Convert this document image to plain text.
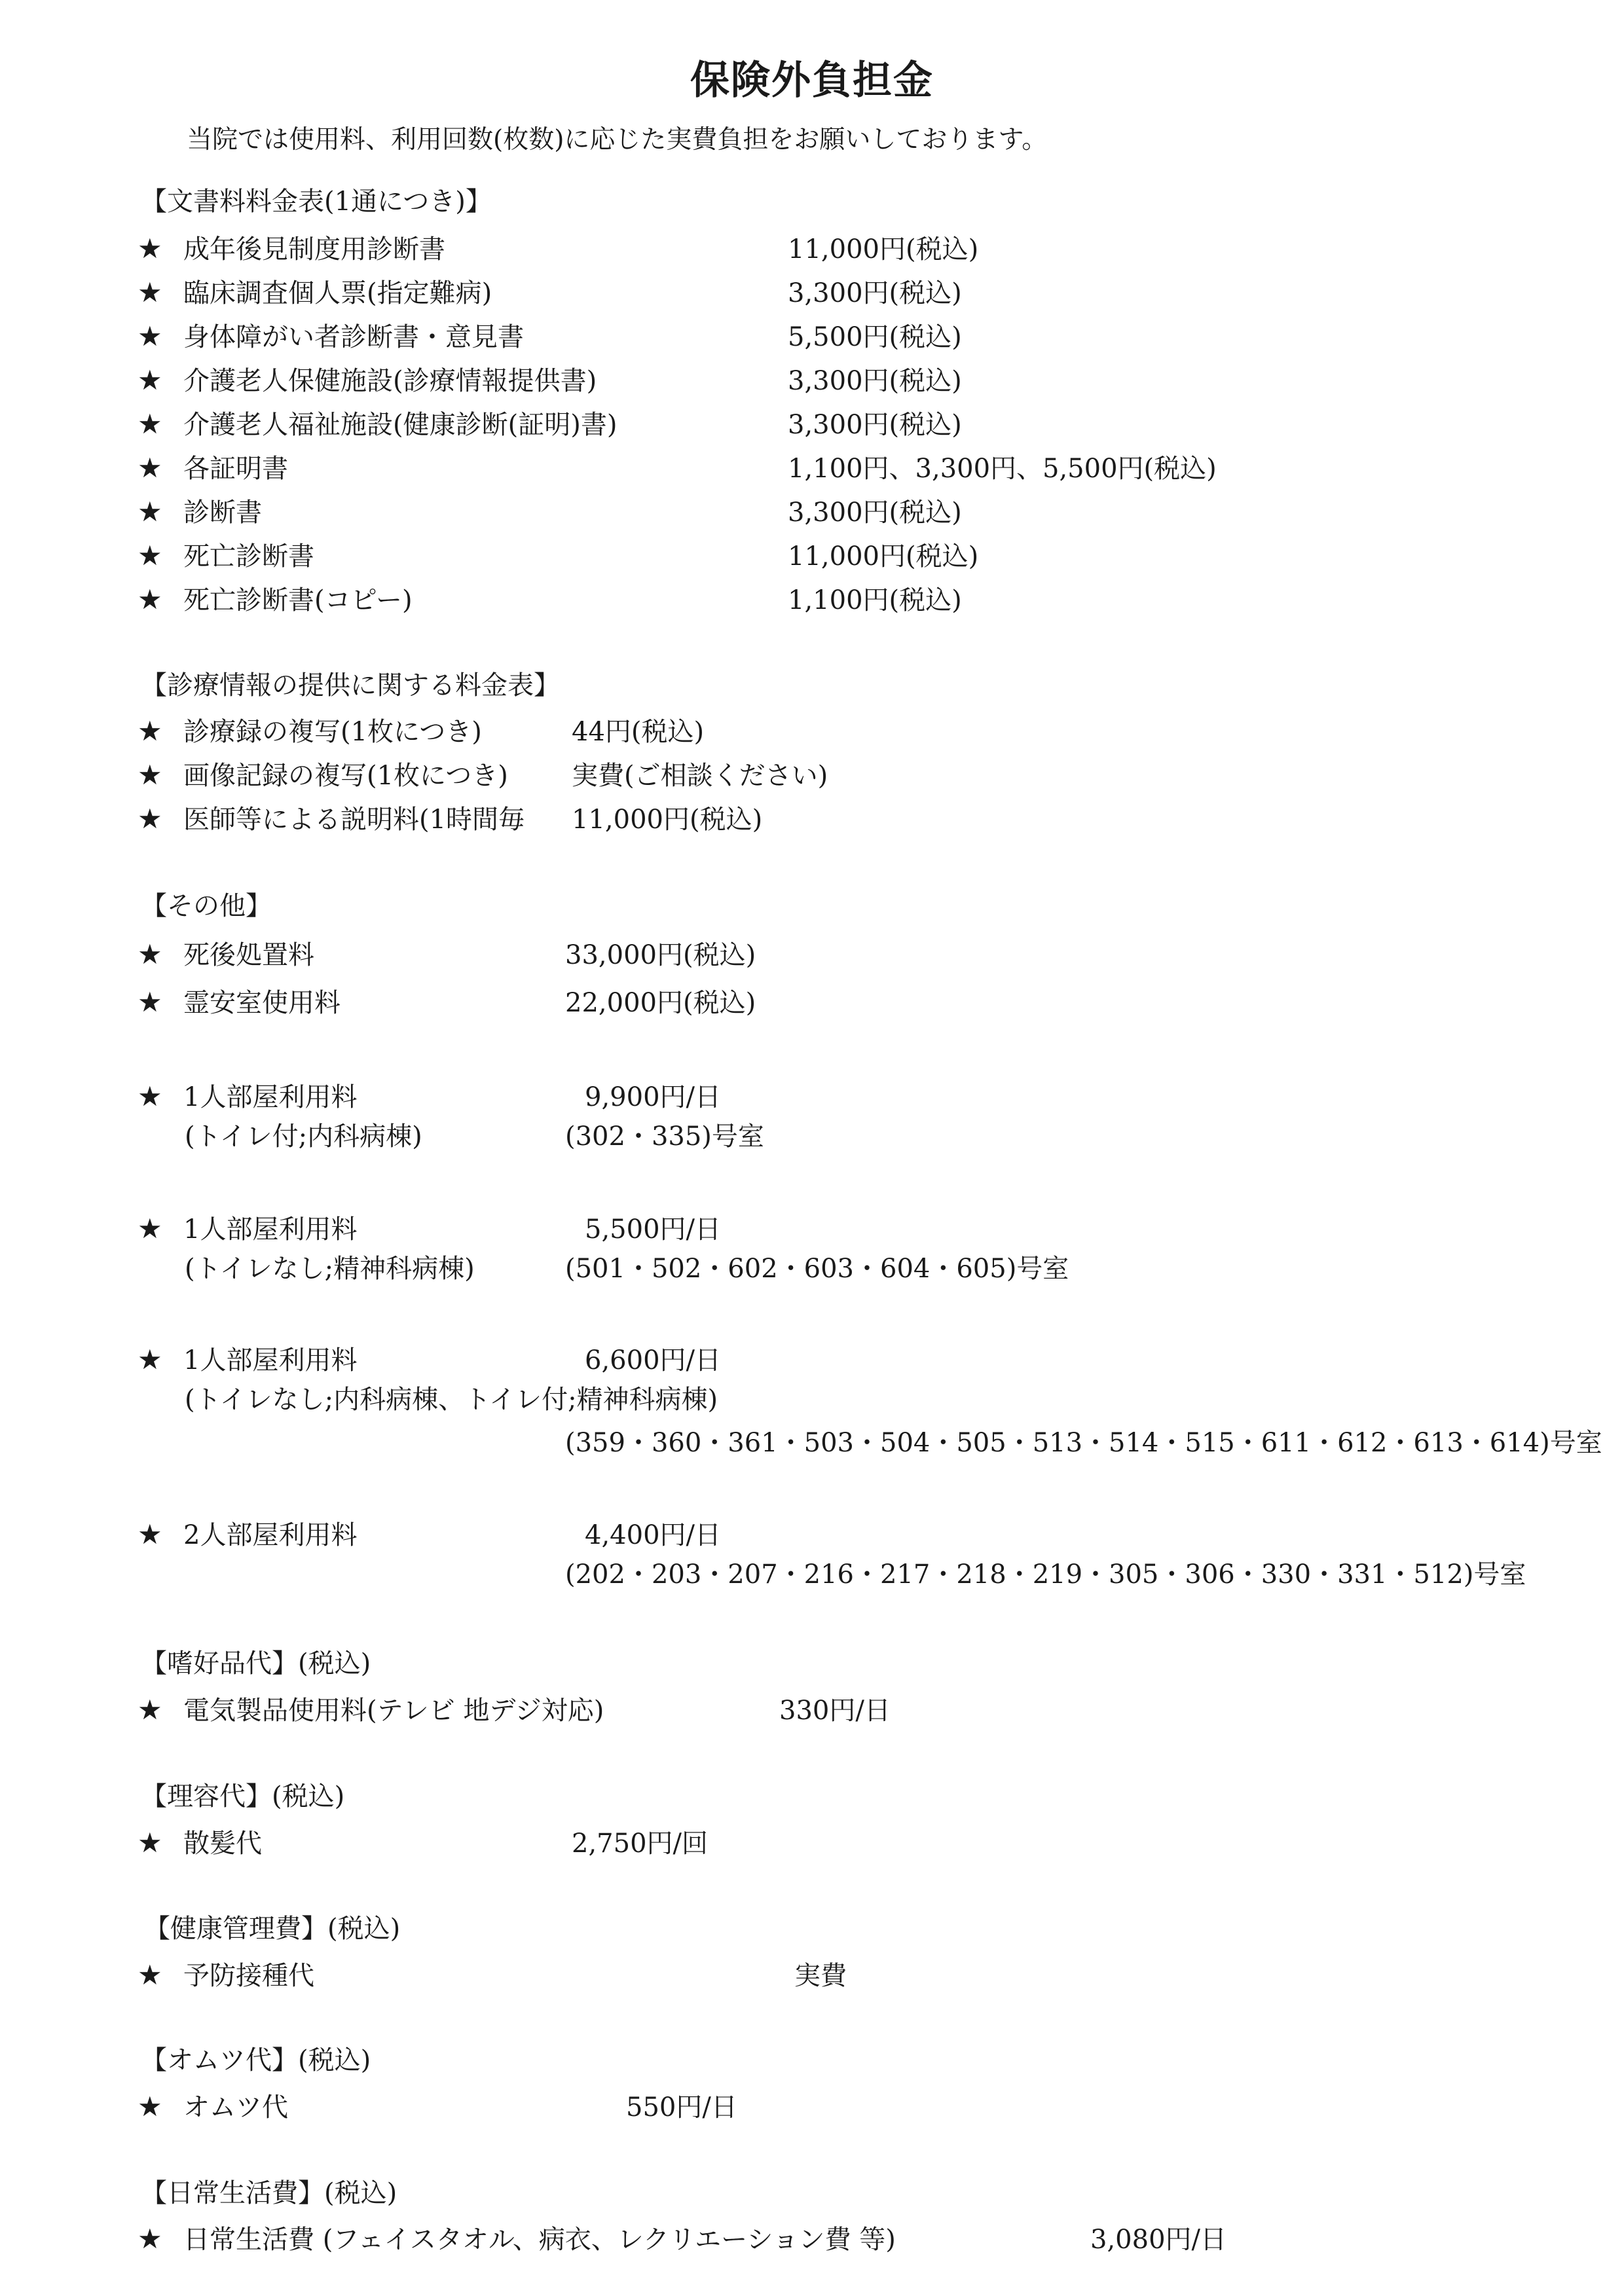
保険外負担金
当院では使用料、利用回数(枚数)に応じた実費負担をお願いしております。
【文書料料金表(1通につき)】
★ 成年後見制度用診断書	11,000円(税込)
★ 臨床調査個人票(指定難病)	3,300円(税込)
★ 身体障がい者診断書・意見書	5,500円(税込)
★ 介護老人保健施設(診療情報提供書)	3,300円(税込)
★ 介護老人福祉施設(健康診断(証明)書)	3,300円(税込)
★ 各証明書	1,100円、3,300円、5,500円(税込)
★ 診断書	3,300円(税込)
★ 死亡診断書	11,000円(税込)
★ 死亡診断書(コピー)	1,100円(税込)
【診療情報の提供に関する料金表】
★ 診療録の複写(1枚につき)	44円(税込)
★ 画像記録の複写(1枚につき) 実費(ご相談ください)
★ 医師等による説明料(1時間毎 11,000円(税込)
【その他】
★ 死後処置料	33,000円(税込)
★ 霊安室使用料	22,000円(税込)
★ 1人部屋利用料	9,900円/日
(トイレ付;内科病棟)	(302・335)号室
★ 1人部屋利用料	5,500円/日
(トイレなし;精神科病棟)	(501・502・602・603・604・605)号室
★ 1人部屋利用料	6,600円/日
(トイレなし;内科病棟、トイレ付;精神科病棟)
(359・360・361・503・504・505・513・514・515・611・612・613・614)号室
★ 2人部屋利用料	4,400円/日
(202・203・207・216・217・218・219・305・306・330・331・512)号室
【嗜好品代】(税込)
★ 電気製品使用料(テレビ 地デジ対応)	330円/日
【理容代】(税込)
★ 散髪代	2,750円/回
【健康管理費】(税込)
★ 予防接種代	実費
【オムツ代】(税込)
★ オムツ代	550円/日
【日常生活費】(税込)
★ 日常生活費 (フェイスタオル、病衣、レクリエーション費 等)	3,080円/日
